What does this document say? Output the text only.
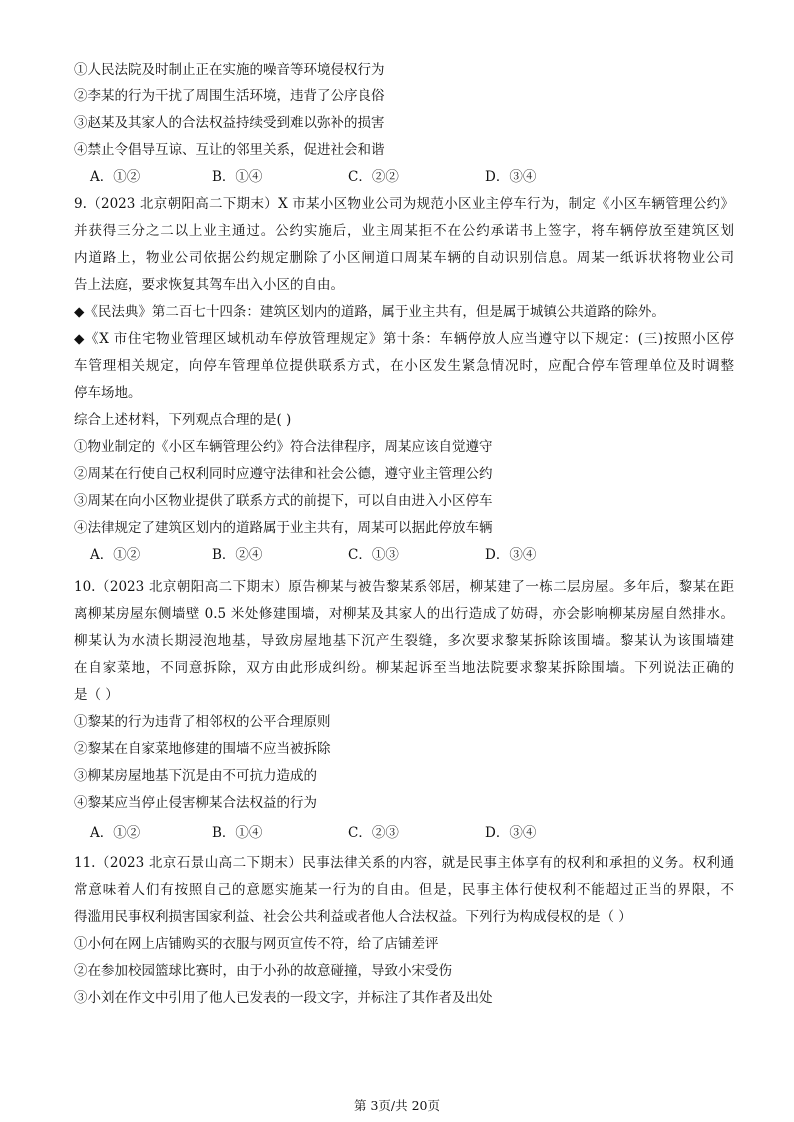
①人民法院及时制止正在实施的噪音等环境侵权行为
②李某的行为干扰了周围生活环境，违背了公序良俗
③赵某及其家人的合法权益持续受到难以弥补的损害
④禁止令倡导互谅、互让的邻里关系，促进社会和谐
A．①②	B．①④	C．②②	D．③④
9.（2023 北京朝阳高二下期末）X 市某小区物业公司为规范小区业主停车行为，制定《小区车辆管理公约》
并获得三分之二以上业主通过。公约实施后，业主周某拒不在公约承诺书上签字，将车辆停放至建筑区划
内道路上，物业公司依据公约规定删除了小区闸道口周某车辆的自动识别信息。周某一纸诉状将物业公司
告上法庭，要求恢复其驾车出入小区的自由。
◆《民法典》第二百七十四条：建筑区划内的道路，属于业主共有，但是属于城镇公共道路的除外。
◆《X 市住宅物业管理区域机动车停放管理规定》第十条：车辆停放人应当遵守以下规定：(三)按照小区停
车管理相关规定，向停车管理单位提供联系方式，在小区发生紧急情况时，应配合停车管理单位及时调整
停车场地。
综合上述材料，下列观点合理的是( )
①物业制定的《小区车辆管理公约》符合法律程序，周某应该自觉遵守
②周某在行使自己权利同时应遵守法律和社会公德，遵守业主管理公约
③周某在向小区物业提供了联系方式的前提下，可以自由进入小区停车
④法律规定了建筑区划内的道路属于业主共有，周某可以据此停放车辆
A．①②	B．②④	C．①③	D．③④
10.（2023 北京朝阳高二下期末）原告柳某与被告黎某系邻居，柳某建了一栋二层房屋。多年后，黎某在距
离柳某房屋东侧墙壁 0.5 米处修建围墙，对柳某及其家人的出行造成了妨碍，亦会影响柳某房屋自然排水。
柳某认为水渍长期浸泡地基，导致房屋地基下沉产生裂缝，多次要求黎某拆除该围墙。黎某认为该围墙建
在自家菜地，不同意拆除，双方由此形成纠纷。柳某起诉至当地法院要求黎某拆除围墙。下列说法正确的
是（ ）
①黎某的行为违背了相邻权的公平合理原则
②黎某在自家菜地修建的围墙不应当被拆除
③柳某房屋地基下沉是由不可抗力造成的
④黎某应当停止侵害柳某合法权益的行为
A．①②	B．①④	C．②③	D．③④
11.（2023 北京石景山高二下期末）民事法律关系的内容，就是民事主体享有的权利和承担的义务。权利通
常意味着人们有按照自己的意愿实施某一行为的自由。但是，民事主体行使权利不能超过正当的界限，不
得滥用民事权利损害国家利益、社会公共利益或者他人合法权益。下列行为构成侵权的是（ ）
①小何在网上店铺购买的衣服与网页宣传不符，给了店铺差评
②在参加校园篮球比赛时，由于小孙的故意碰撞，导致小宋受伤
③小刘在作文中引用了他人已发表的一段文字，并标注了其作者及出处
第 3页/共 20页
